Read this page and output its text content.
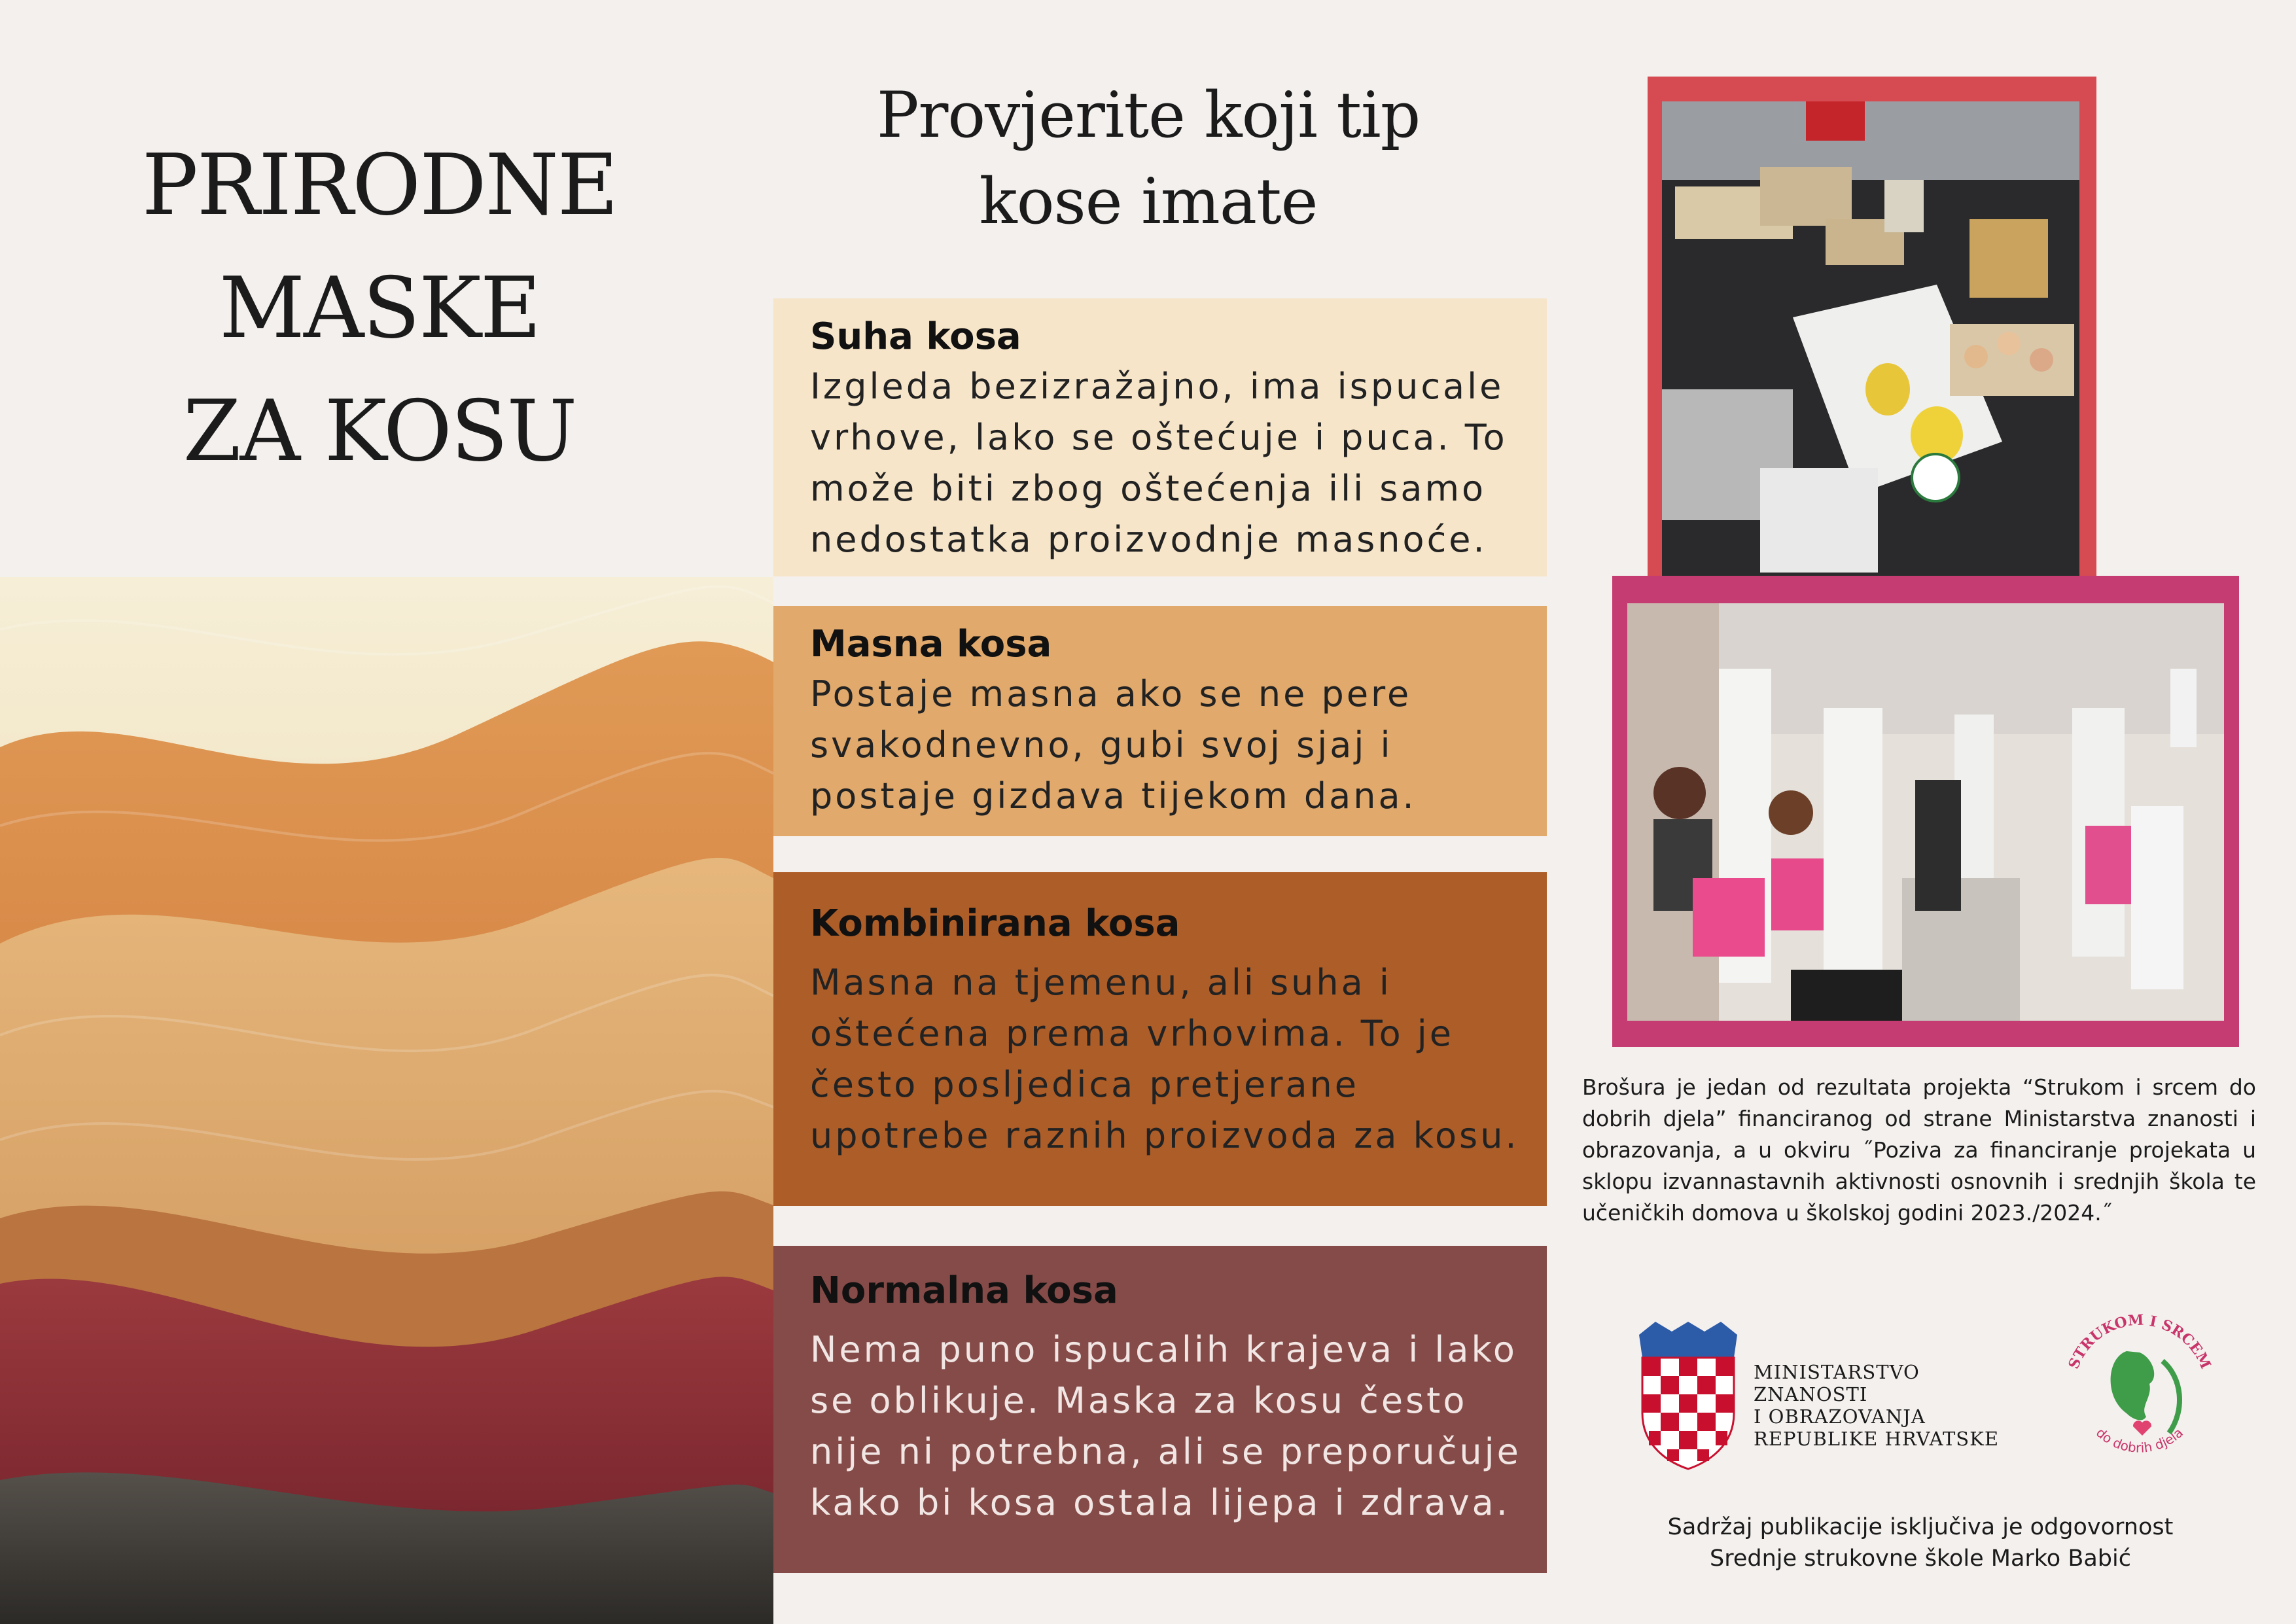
PRIRODNE
MASKE
ZA KOSU
Provjerite koji tip
kose imate
Suha kosa

Izgleda bezizražajno, ima ispucale vrhove, lako se oštećuje i puca. To može biti zbog oštećenja ili samo nedostatka proizvodnje masnoće.

Masna kosa

Postaje masna ako se ne pere svakodnevno, gubi svoj sjaj i postaje gizdava tijekom dana.

Kombinirana kosa

Masna na tjemenu, ali suha i oštećena prema vrhovima. To je često posljedica pretjerane upotrebe raznih proizvoda za kosu.

Normalna kosa

Nema puno ispucalih krajeva i lako se oblikuje. Maska za kosu često nije ni potrebna, ali se preporučuje kako bi kosa ostala lijepa i zdrava.

Brošura je jedan od rezultata projekta “Strukom i srcem do dobrih djela” financiranog od strane Ministarstva znanosti i obrazovanja, a u okviru ˝Poziva za financiranje projekata u sklopu izvannastavnih aktivnosti osnovnih i srednjih škola te učeničkih domova u školskoj godini 2023./2024.˝
MINISTARSTVO ZNANOSTI
I OBRAZOVANJA
REPUBLIKE HRVATSKE
STRUKOM I SRCEM
do dobrih djela
Sadržaj publikacije isključiva je odgovornost
Srednje strukovne škole Marko Babić
